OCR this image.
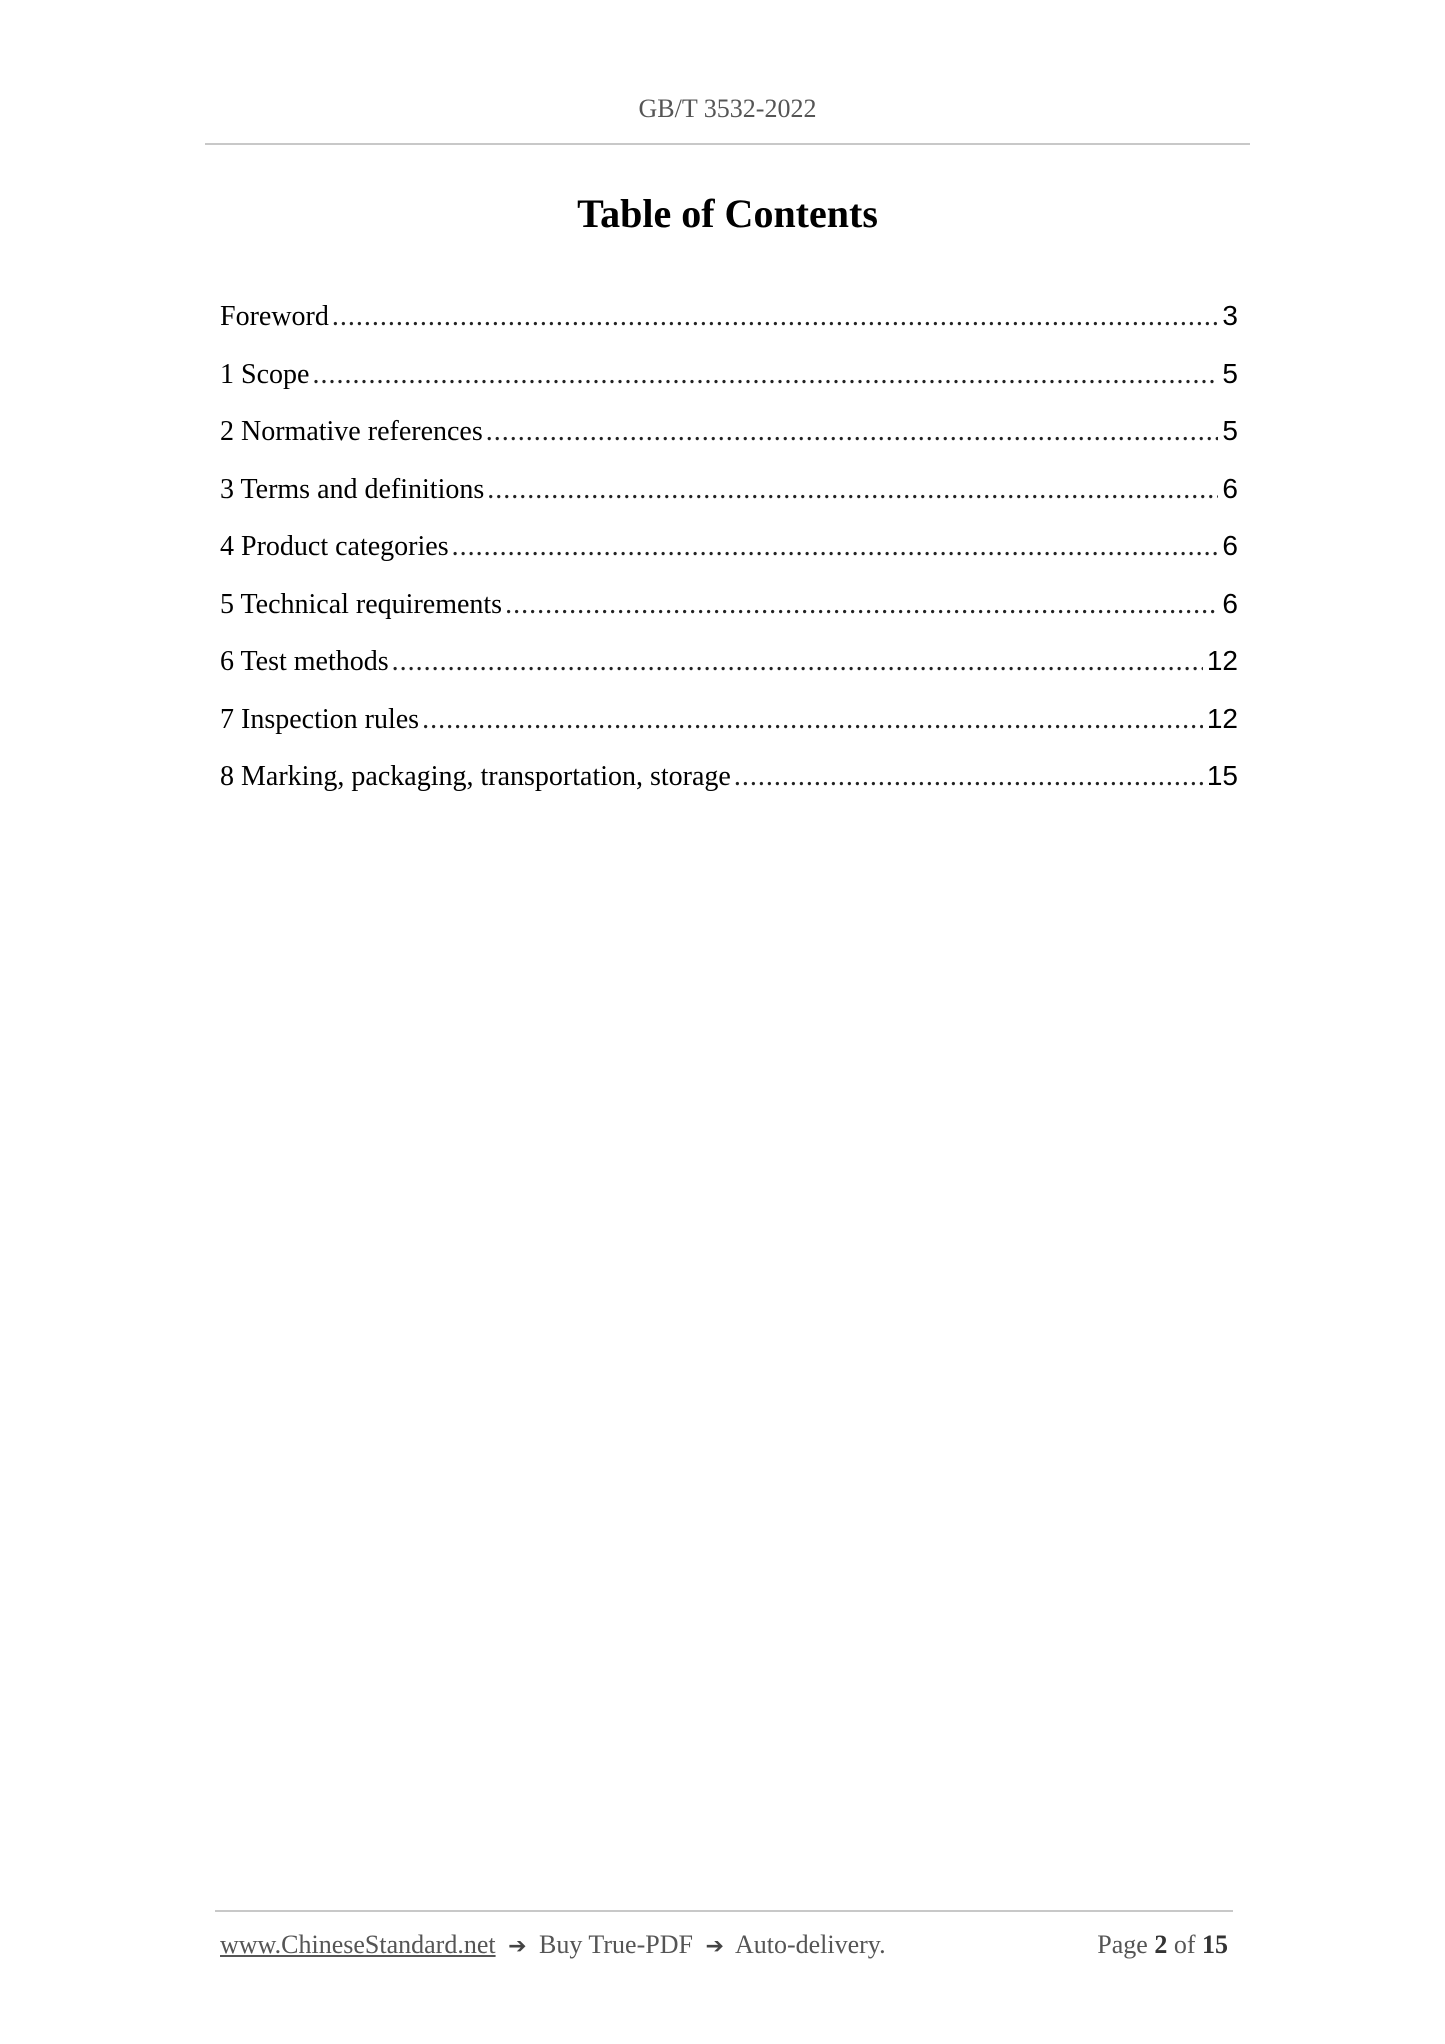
GB/T 3532-2022
Table of Contents
Foreword .....	3
1 Scope .....	5
2 Normative references .....	5
3 Terms and definitions .....	6
4 Product categories .....	6
5 Technical requirements .....	6
6 Test methods .....	12
7 Inspection rules .....	12
8 Marking, packaging, transportation, storage .....	15
www.ChineseStandard.net ➔ Buy True-PDF ➔ Auto-delivery.	Page 2 of 15
